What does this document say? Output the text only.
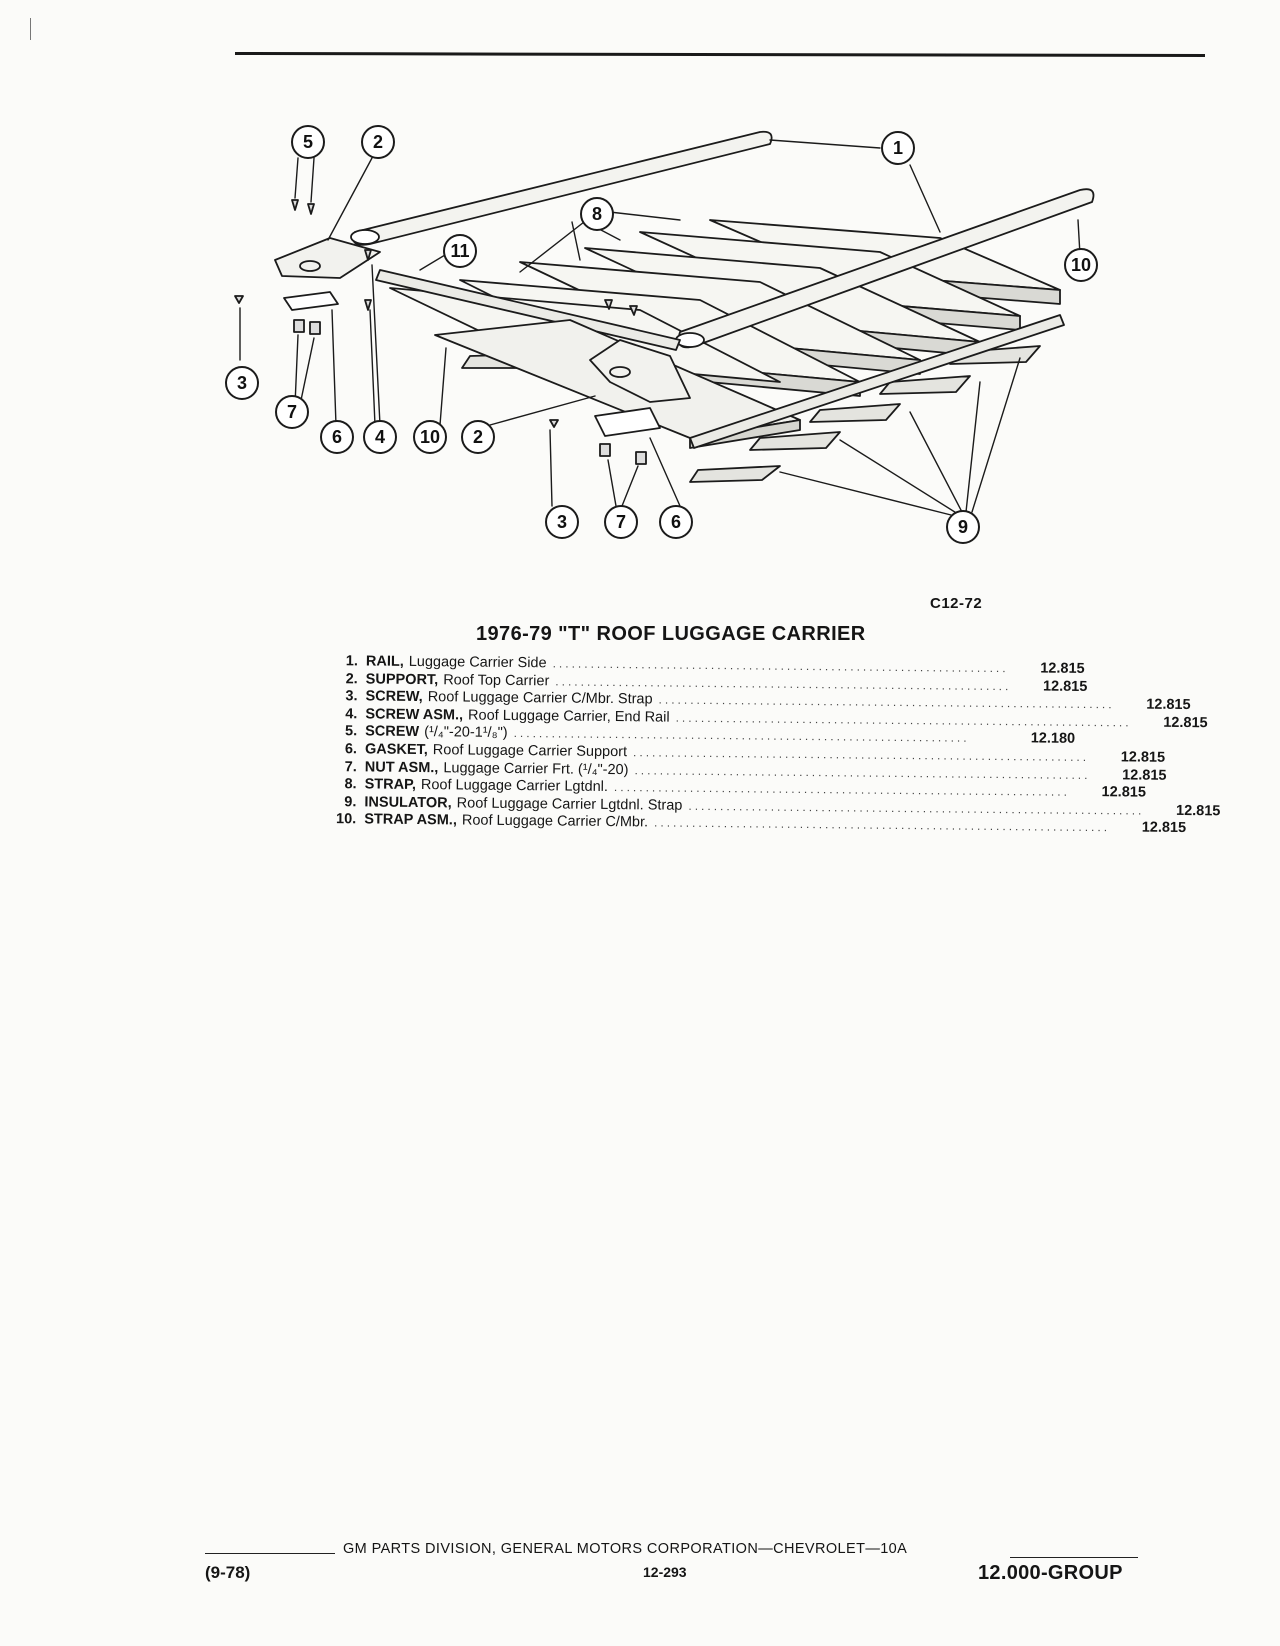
5	2	1
8
11
10
3
7
6 4 10 2
3	7 6	9
C12-72
1976-79 "T" ROOF LUGGAGE CARRIER
1. RAIL, Luggage Carrier Side ........................................................................	12.815
2. SUPPORT, Roof Top Carrier ........................................................................	12.815
3. SCREW, Roof Luggage Carrier C/Mbr. Strap ........................................................................	12.815
4. SCREW ASM., Roof Luggage Carrier, End Rail ........................................................................	12.815
5. SCREW (¹/₄"-20-1¹/₈") ........................................................................	12.180
6. GASKET, Roof Luggage Carrier Support ........................................................................	12.815
7. NUT ASM., Luggage Carrier Frt. (¹/₄"-20) ........................................................................	12.815
8. STRAP, Roof Luggage Carrier Lgtdnl. ........................................................................	12.815
9. INSULATOR, Roof Luggage Carrier Lgtdnl. Strap ........................................................................	12.815
10. STRAP ASM., Roof Luggage Carrier C/Mbr. ........................................................................	12.815
GM PARTS DIVISION, GENERAL MOTORS CORPORATION—CHEVROLET—10A
(9-78)	12-293	12.000-GROUP
